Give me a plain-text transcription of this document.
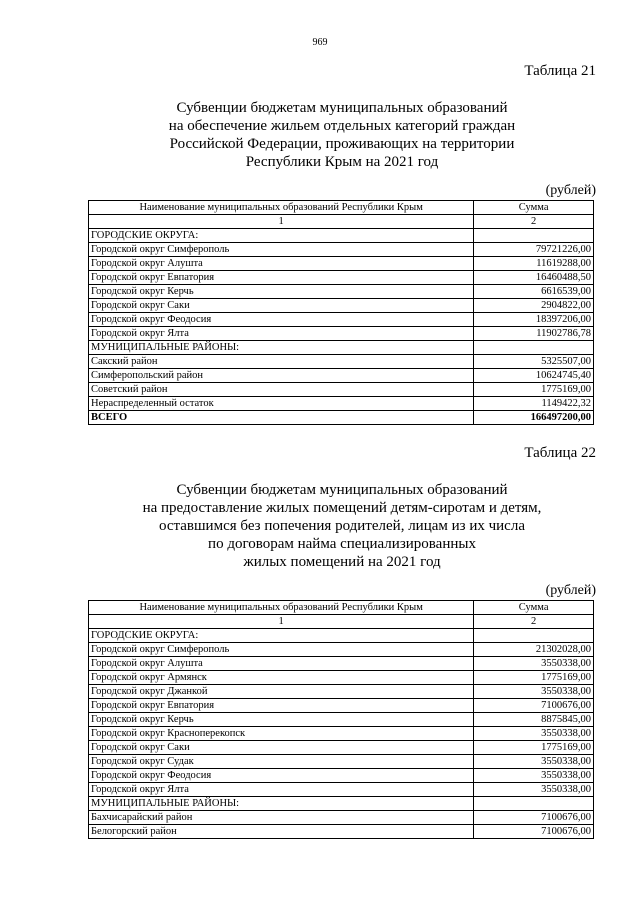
969
Таблица 21
Субвенции бюджетам муниципальных образований
на обеспечение жильем отдельных категорий граждан
Российской Федерации, проживающих на территории
Республики Крым на 2021 год
(рублей)
Наименование муниципальных образований Республики Крым	Сумма
1	2
ГОРОДСКИЕ ОКРУГА:	
Городской округ Симферополь	79721226,00
Городской округ Алушта	11619288,00
Городской округ Евпатория	16460488,50
Городской округ Керчь	6616539,00
Городской округ Саки	2904822,00
Городской округ Феодосия	18397206,00
Городской округ Ялта	11902786,78
МУНИЦИПАЛЬНЫЕ РАЙОНЫ:	
Сакский район	5325507,00
Симферопольский район	10624745,40
Советский район	1775169,00
Нераспределенный остаток	1149422,32
ВСЕГО	166497200,00
Таблица 22
Субвенции бюджетам муниципальных образований
на предоставление жилых помещений детям-сиротам и детям,
оставшимся без попечения родителей, лицам из их числа
по договорам найма специализированных
жилых помещений на 2021 год
(рублей)
Наименование муниципальных образований Республики Крым	Сумма
1	2
ГОРОДСКИЕ ОКРУГА:	
Городской округ Симферополь	21302028,00
Городской округ Алушта	3550338,00
Городской округ Армянск	1775169,00
Городской округ Джанкой	3550338,00
Городской округ Евпатория	7100676,00
Городской округ Керчь	8875845,00
Городской округ Красноперекопск	3550338,00
Городской округ Саки	1775169,00
Городской округ Судак	3550338,00
Городской округ Феодосия	3550338,00
Городской округ Ялта	3550338,00
МУНИЦИПАЛЬНЫЕ РАЙОНЫ:	
Бахчисарайский район	7100676,00
Белогорский район	7100676,00
